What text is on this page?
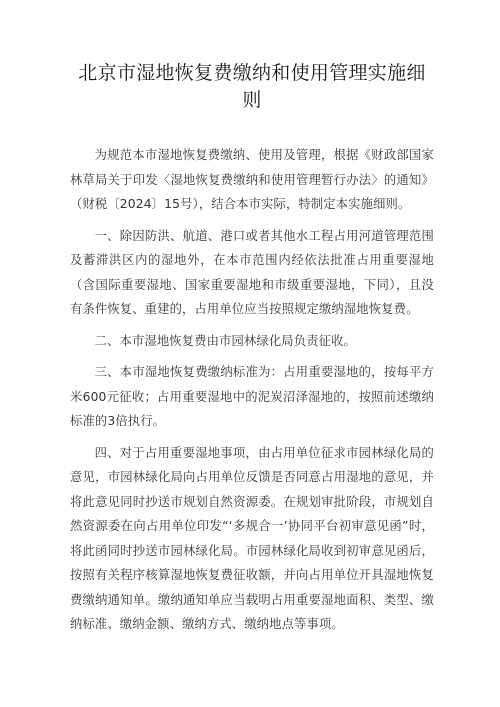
北京市湿地恢复费缴纳和使用管理实施细则

为规范本市湿地恢复费缴纳、使用及管理，根据《财政部国家林草局关于印发〈湿地恢复费缴纳和使用管理暂行办法〉的通知》（财税〔2024〕15号），结合本市实际，特制定本实施细则。

一、除因防洪、航道、港口或者其他水工程占用河道管理范围及蓄滞洪区内的湿地外，在本市范围内经依法批准占用重要湿地（含国际重要湿地、国家重要湿地和市级重要湿地，下同），且没有条件恢复、重建的，占用单位应当按照规定缴纳湿地恢复费。

二、本市湿地恢复费由市园林绿化局负责征收。

三、本市湿地恢复费缴纳标准为：占用重要湿地的，按每平方米600元征收；占用重要湿地中的泥炭沼泽湿地的，按照前述缴纳标准的3倍执行。

四、对于占用重要湿地事项，由占用单位征求市园林绿化局的意见，市园林绿化局向占用单位反馈是否同意占用湿地的意见，并将此意见同时抄送市规划自然资源委。在规划审批阶段，市规划自然资源委在向占用单位印发“‘多规合一’协同平台初审意见函”时，将此函同时抄送市园林绿化局。市园林绿化局收到初审意见函后，按照有关程序核算湿地恢复费征收额，并向占用单位开具湿地恢复费缴纳通知单。缴纳通知单应当载明占用重要湿地面积、类型、缴纳标准、缴纳金额、缴纳方式、缴纳地点等事项。
